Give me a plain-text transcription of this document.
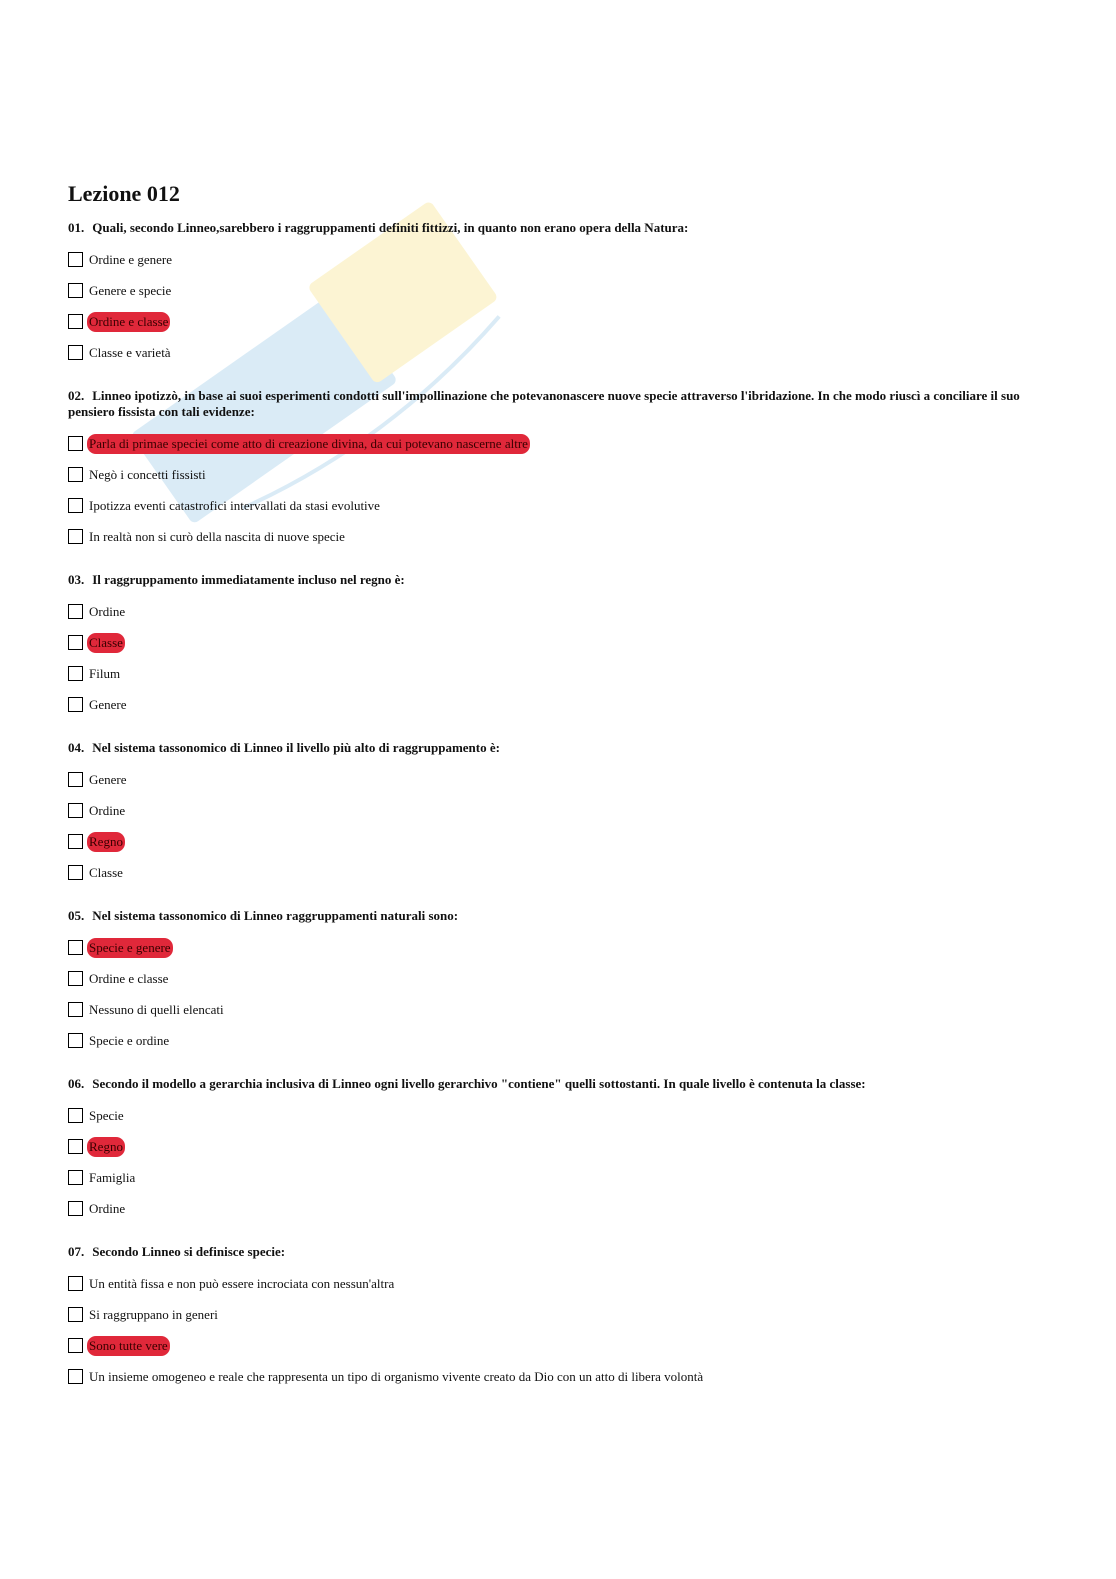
Lezione 012

01. Quali, secondo Linneo,sarebbero i raggruppamenti definiti fittizzi, in quanto non erano opera della Natura:

Ordine e genere
Genere e specie
Ordine e classe
Classe e varietà

02. Linneo ipotizzò, in base ai suoi esperimenti condotti sull'impollinazione che potevanonascere nuove specie attraverso l'ibridazione. In che modo riuscì a conciliare il suo pensiero fissista con tali evidenze:

Parla di primae speciei come atto di creazione divina, da cui potevano nascerne altre
Negò i concetti fissisti
Ipotizza eventi catastrofici intervallati da stasi evolutive
In realtà non si curò della nascita di nuove specie

03. Il raggruppamento immediatamente incluso nel regno è:

Ordine
Classe
Filum
Genere

04. Nel sistema tassonomico di Linneo il livello più alto di raggruppamento è:

Genere
Ordine
Regno
Classe

05. Nel sistema tassonomico di Linneo raggruppamenti naturali sono:

Specie e genere
Ordine e classe
Nessuno di quelli elencati
Specie e ordine

06. Secondo il modello a gerarchia inclusiva di Linneo ogni livello gerarchivo "contiene" quelli sottostanti. In quale livello è contenuta la classe:

Specie
Regno
Famiglia
Ordine

07. Secondo Linneo si definisce specie:

Un entità fissa e non può essere incrociata con nessun'altra
Si raggruppano in generi
Sono tutte vere
Un insieme omogeneo e reale che rappresenta un tipo di organismo vivente creato da Dio con un atto di libera volontà
